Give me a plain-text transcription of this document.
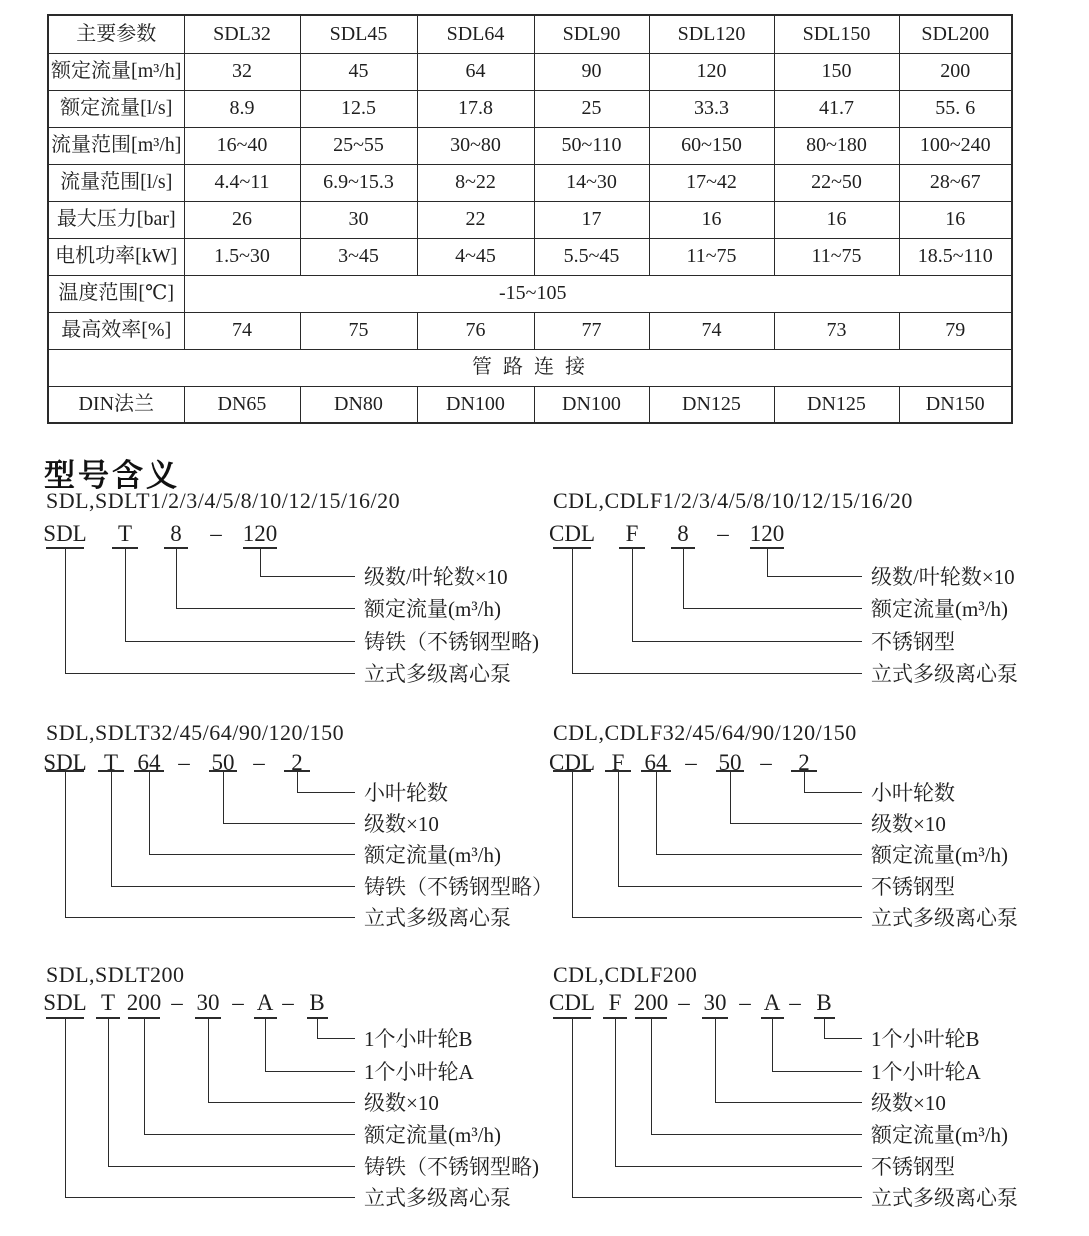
主要参数	SDL32	SDL45	SDL64	SDL90	SDL120	SDL150	SDL200
额定流量[m³/h]	32	45	64	90	120	150	200
额定流量[l/s]	8.9	12.5	17.8	25	33.3	41.7	55. 6
流量范围[m³/h]	16~40	25~55	30~80	50~110	60~150	80~180	100~240
流量范围[l/s]	4.4~11	6.9~15.3	8~22	14~30	17~42	22~50	28~67
最大压力[bar]	26	30	22	17	16	16	16
电机功率[kW]	1.5~30	3~45	4~45	5.5~45	11~75	11~75	18.5~110
温度范围[℃]	-15~105						
最高效率[%]	74	75	76	77	74	73	79
管 路 连 接							
DIN法兰	DN65	DN80	DN100	DN100	DN125	DN125	DN150
型号含义
SDL,SDLT1/2/3/4/5/8/10/12/15/16/20
SDL T 8 – 120
级数/叶轮数×10
额定流量(m³/h)
铸铁（不锈钢型略)
立式多级离心泵
CDL,CDLF1/2/3/4/5/8/10/12/15/16/20
CDL F 8 – 120
级数/叶轮数×10
额定流量(m³/h)
不锈钢型
立式多级离心泵
SDL,SDLT32/45/64/90/120/150
SDL T 64 – 50 – 2
小叶轮数
级数×10
额定流量(m³/h)
铸铁（不锈钢型略）
立式多级离心泵
CDL,CDLF32/45/64/90/120/150
CDL F 64 – 50 – 2
小叶轮数
级数×10
额定流量(m³/h)
不锈钢型
立式多级离心泵
SDL,SDLT200
SDL T 200 – 30 – A – B
1个小叶轮B
1个小叶轮A
级数×10
额定流量(m³/h)
铸铁（不锈钢型略)
立式多级离心泵
CDL,CDLF200
CDL F 200 – 30 – A – B
1个小叶轮B
1个小叶轮A
级数×10
额定流量(m³/h)
不锈钢型
立式多级离心泵
